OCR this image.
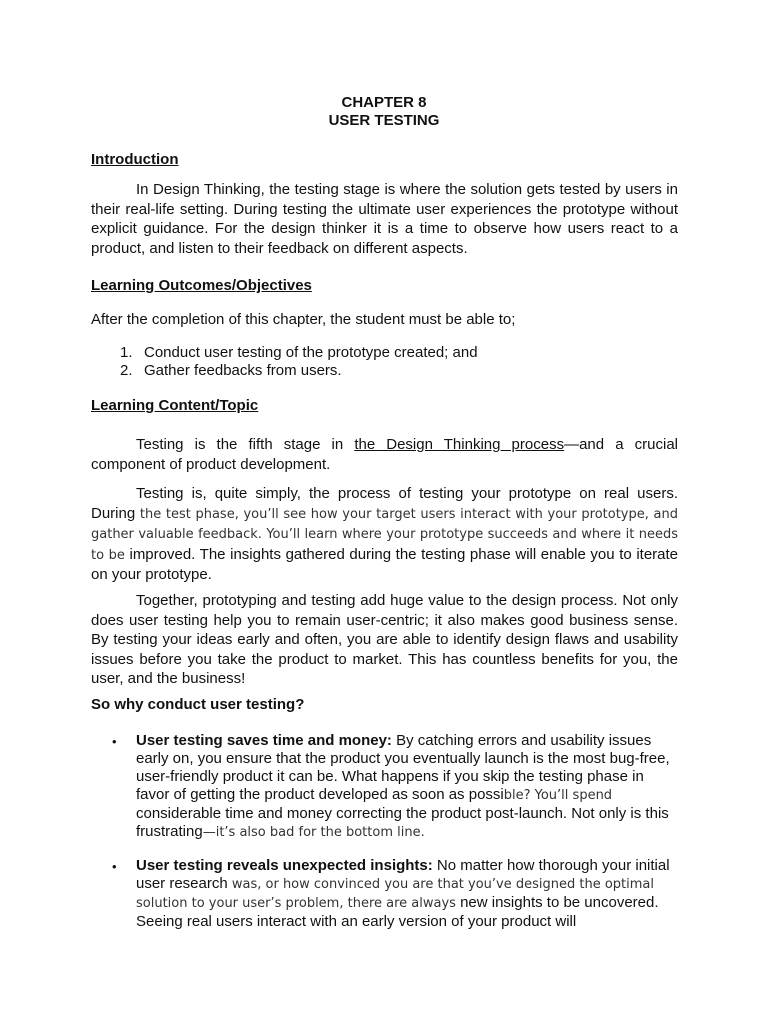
CHAPTER 8
USER TESTING
Introduction

In Design Thinking, the testing stage is where the solution gets tested by users in their real-life setting. During testing the ultimate user experiences the prototype without explicit guidance. For the design thinker it is a time to observe how users react to a product, and listen to their feedback on different aspects.

Learning Outcomes/Objectives

After the completion of this chapter, the student must be able to;

1. Conduct user testing of the prototype created; and
2. Gather feedbacks from users.
Learning Content/Topic

Testing is the fifth stage in the Design Thinking process—and a crucial component of product development.

Testing is, quite simply, the process of testing your prototype on real users. During the test phase, you’ll see how your target users interact with your prototype, and gather valuable feedback. You’ll learn where your prototype succeeds and where it needs to be improved. The insights gathered during the testing phase will enable you to iterate on your prototype.

Together, prototyping and testing add huge value to the design process. Not only does user testing help you to remain user-centric; it also makes good business sense. By testing your ideas early and often, you are able to identify design flaws and usability issues before you take the product to market. This has countless benefits for you, the user, and the business!

So why conduct user testing?
• User testing saves time and money: By catching errors and usability issues early on, you ensure that the product you eventually launch is the most bug-free, user-friendly product it can be. What happens if you skip the testing phase in favor of getting the product developed as soon as possible? You’ll spend considerable time and money correcting the product post-launch. Not only is this frustrating—it’s also bad for the bottom line.

• User testing reveals unexpected insights: No matter how thorough your initial user research was, or how convinced you are that you’ve designed the optimal solution to your user’s problem, there are always new insights to be uncovered. Seeing real users interact with an early version of your product will
